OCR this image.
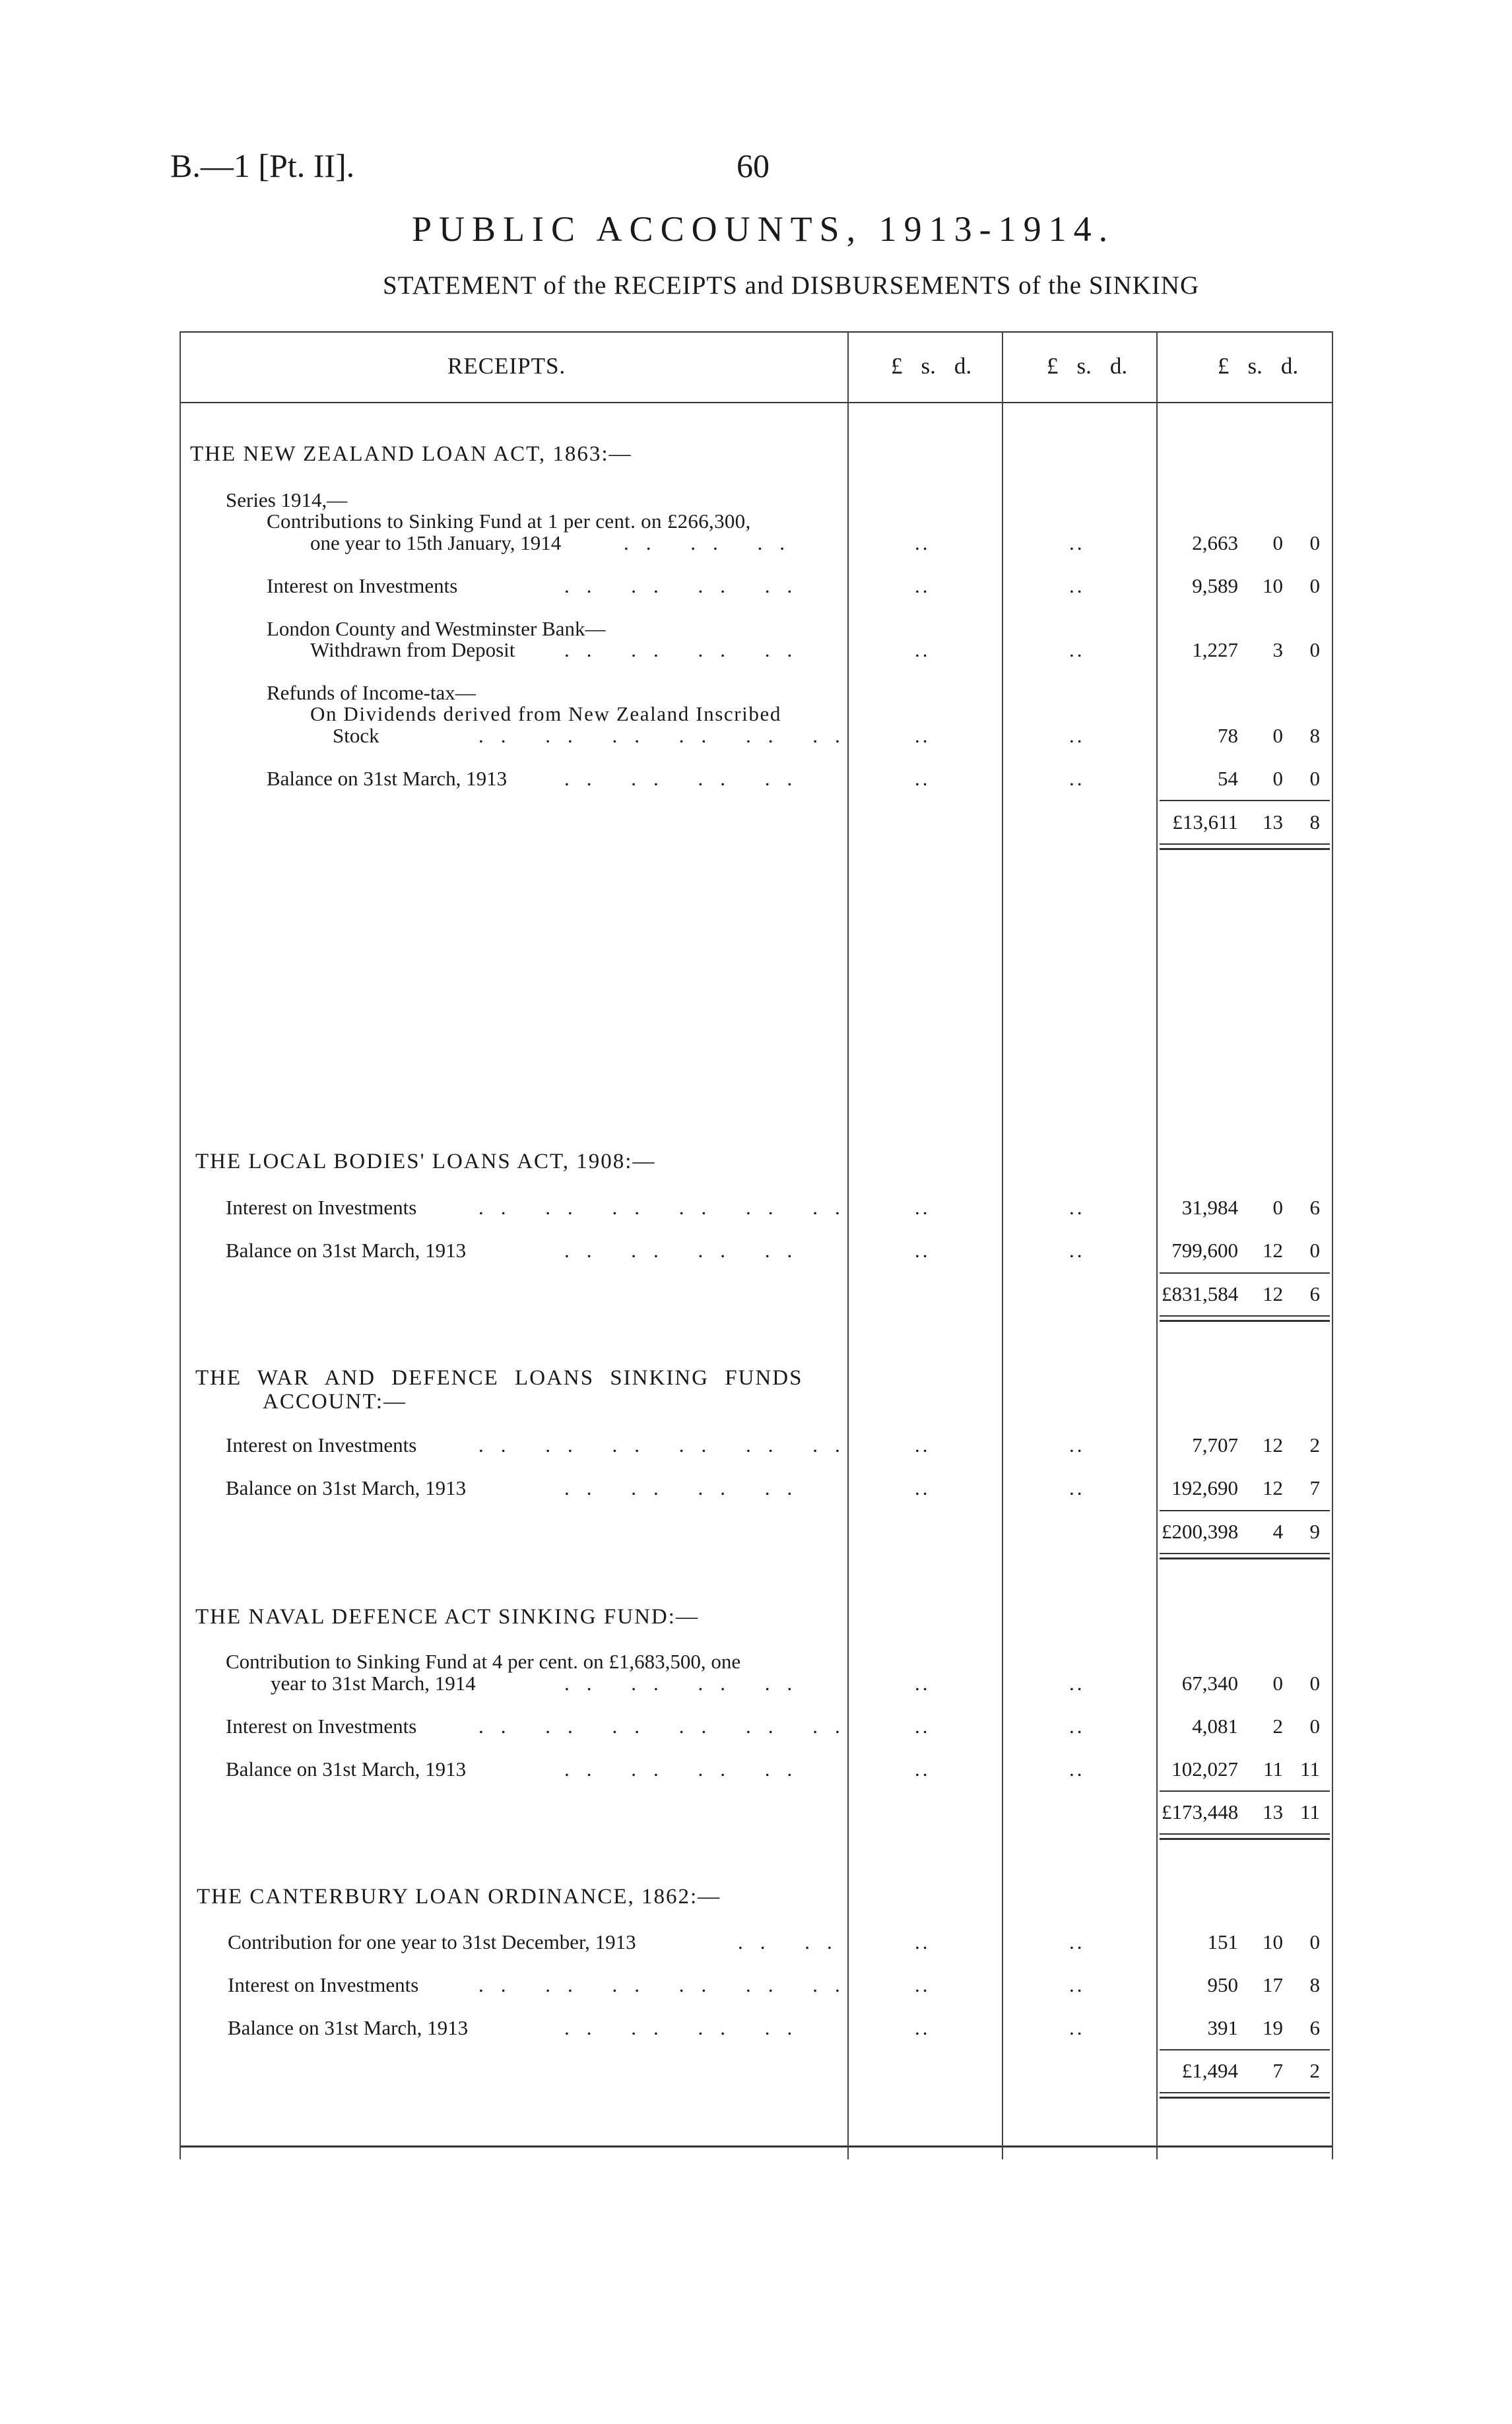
B.—1 [Pt. II].	60
PUBLIC ACCOUNTS, 1913-1914.
STATEMENT of the RECEIPTS and DISBURSEMENTS of the SINKING
RECEIPTS.	£ s. d.	£ s. d.	£ s. d.
THE NEW ZEALAND LOAN ACT, 1863:—
Series 1914,—
Contributions to Sinking Fund at 1 per cent. on £266,300,
one year to 15th January, 1914	.. .. ..	..	..	2,663	0	0
Interest on Investments	.. .. .. ..	..	..	9,589	10	0
London County and Westminster Bank—
Withdrawn from Deposit .. .. .. ..	..	..	1,227	3	0
Refunds of Income-tax—
On Dividends derived from New Zealand Inscribed
Stock	.. .. .. .. .. ..	..	..	78	0	8
Balance on 31st March, 1913	.. .. .. ..	..	..	54	0	0
£13,611	13	8
THE LOCAL BODIES' LOANS ACT, 1908:—
Interest on Investments	.. .. .. .. .. ..	..	..	31,984	0	6
Balance on 31st March, 1913	.. .. .. ..	..	..	799,600	12	0
£831,584	12	6
THE WAR AND DEFENCE LOANS SINKING FUNDS
ACCOUNT:—
Interest on Investments	.. .. .. .. .. ..	..	..	7,707	12	2
Balance on 31st March, 1913	.. .. .. ..	..	..	192,690	12	7
£200,398	4	9
THE NAVAL DEFENCE ACT SINKING FUND:—
Contribution to Sinking Fund at 4 per cent. on £1,683,500, one
year to 31st March, 1914	.. .. .. ..	..	..	67,340	0	0
Interest on Investments	.. .. .. .. .. ..	..	..	4,081	2	0
Balance on 31st March, 1913	.. .. .. ..	..	..	102,027	11 11
£173,448	13 11
THE CANTERBURY LOAN ORDINANCE, 1862:—
Contribution for one year to 31st December, 1913	.. ..	..	..	151	10	0
Interest on Investments	.. .. .. .. .. ..	..	..	950	17	8
Balance on 31st March, 1913	.. .. .. ..	..	..	391	19	6
£1,494	7	2
